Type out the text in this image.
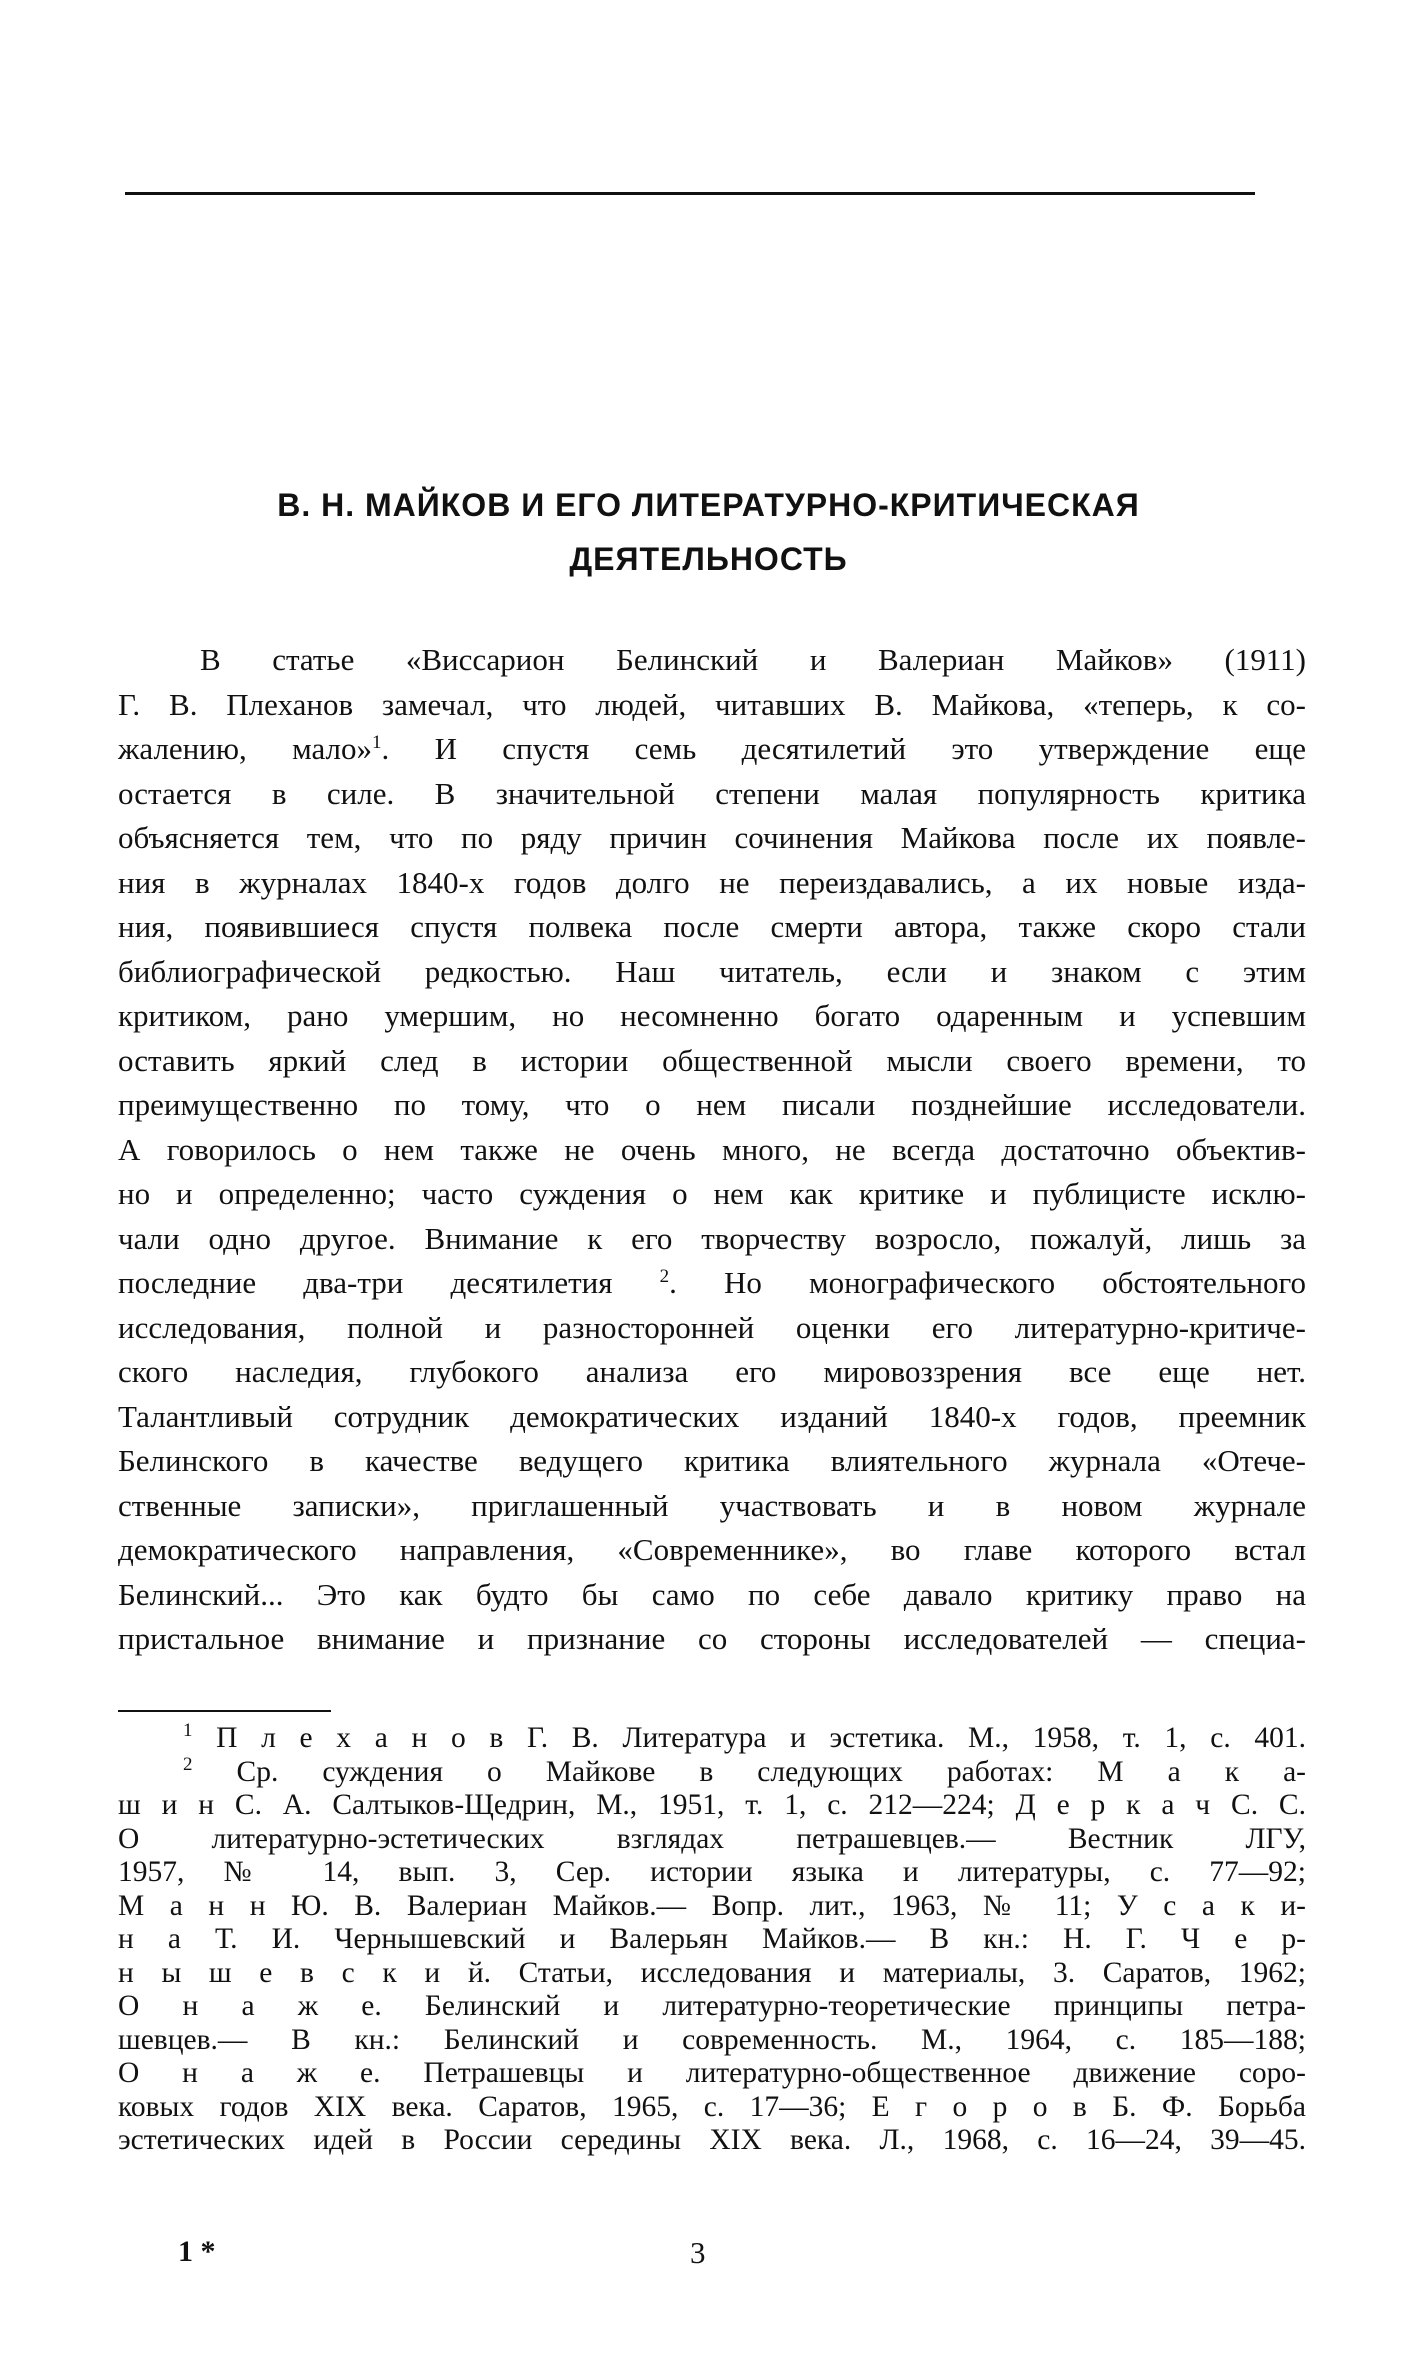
В. Н. МАЙКОВ И ЕГО ЛИТЕРАТУРНО-КРИТИЧЕСКАЯ
ДЕЯТЕЛЬНОСТЬ
В статье «Виссарион Белинский и Валериан Майков» (1911)
Г. В. Плеханов замечал, что людей, читавших В. Майкова, «теперь, к со-
жалению, мало»$^1$. И спустя семь десятилетий это утверждение еще
остается в силе. В значительной степени малая популярность критика
объясняется тем, что по ряду причин сочинения Майкова после их появле-
ния в журналах 1840-х годов долго не переиздавались, а их новые изда-
ния, появившиеся спустя полвека после смерти автора, также скоро стали
библиографической редкостью. Наш читатель, если и знаком с этим
критиком, рано умершим, но несомненно богато одаренным и успевшим
оставить яркий след в истории общественной мысли своего времени, то
преимущественно по тому, что о нем писали позднейшие исследователи.
А говорилось о нем также не очень много, не всегда достаточно объектив-
но и определенно; часто суждения о нем как критике и публицисте исклю-
чали одно другое. Внимание к его творчеству возросло, пожалуй, лишь за
последние два-три десятилетия $^2$. Но монографического обстоятельного
исследования, полной и разносторонней оценки его литературно-критиче-
ского наследия, глубокого анализа его мировоззрения все еще нет.
Талантливый сотрудник демократических изданий 1840-х годов, преемник
Белинского в качестве ведущего критика влиятельного журнала «Отече-
ственные записки», приглашенный участвовать и в новом журнале
демократического направления, «Современнике», во главе которого встал
Белинский... Это как будто бы само по себе давало критику право на
пристальное внимание и признание со стороны исследователей — специа-
$^1$ П л е х а н о в Г. В. Литература и эстетика. М., 1958, т. 1, с. 401.
$^2$ Ср. суждения о Майкове в следующих работах: М а к а-
ш и н С. А. Салтыков-Щедрин, М., 1951, т. 1, с. 212—224; Д е р к а ч С. С.
О литературно-эстетических взглядах петрашевцев.— Вестник ЛГУ,
1957, № 14, вып. 3, Сер. истории языка и литературы, с. 77—92;
М а н н Ю. В. Валериан Майков.— Вопр. лит., 1963, № 11; У с а к и-
н а Т. И. Чернышевский и Валерьян Майков.— В кн.: Н. Г. Ч е р-
н ы ш е в с к и й. Статьи, исследования и материалы, 3. Саратов, 1962;
О н а ж е. Белинский и литературно-теоретические принципы петра-
шевцев.— В кн.: Белинский и современность. М., 1964, с. 185—188;
О н а ж е. Петрашевцы и литературно-общественное движение соро-
ковых годов XIX века. Саратов, 1965, с. 17—36; Е г о р о в Б. Ф. Борьба
эстетических идей в России середины XIX века. Л., 1968, с. 16—24, 39—45.
1 *	3
